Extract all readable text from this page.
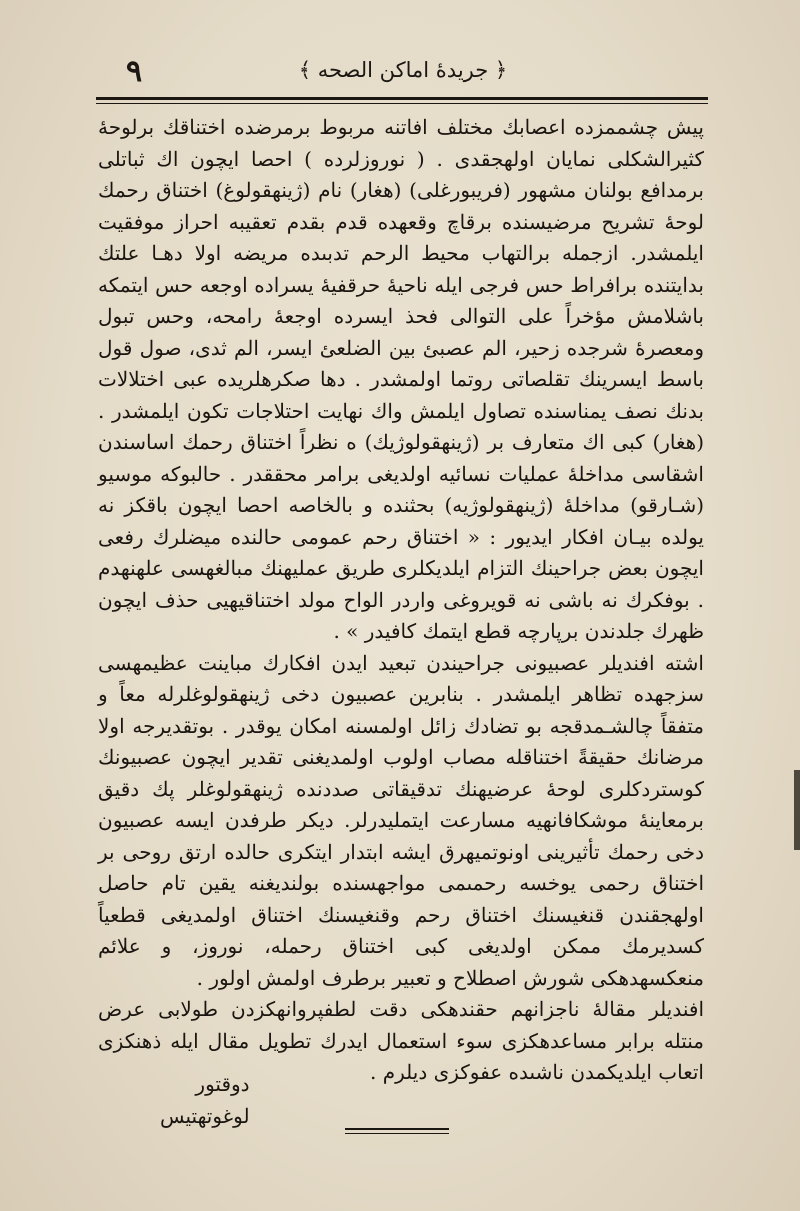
٩	﴿ جريدۀ اماكن الصحه ﴾

پيش چشممزده اعصابك مختلف افاتنه مربوط برمرضده اختناقك برلوحۀ كثيرالشكلى نمايان اولهجقدى . ( نوروزلرده ) احصا ايچون اك ثباتلى برمدافع بولنان مشهور (فريبورغلى) (هغار) نام (ژينهقولوغ) اختناق رحمك لوحۀ تشريح مرضيسنده برقاچ وقعهده قدم بقدم تعقيبه احراز موفقيت ايلمشدر. ازجمله برالتهاب محيط الرحم تدبىده مريضه اولا دهـا علتك بدايتنده برافراط حس فرجى ايله ناحيۀ حرقفيۀ يسراده اوجعه حس ايتمكه باشلامش مؤخراً على التوالى فحذ ايسرده اوجعۀ رامحه، وحس تبول ومعصرۀ شرجده زحير، الم عصبئ بين الضلعئ ايسر، الم ثدى، صول قول باسط ايسرينك تقلصاتى روتما اولمشدر . دها صكرهلريده عبى اختلالات بدنك نصف يمناسنده تصاول ايلمش واك نهايت احتلاجات تكون ايلمشدر . (هغار) كبى اك متعارف بر (ژينهقولوژيك) ه نظراً اختناق رحمك اساسندن اشقاسى مداخلۀ عمليات نسائيه اولديغى برامر محققدر . حالبوكه موسيو (شـارقو) مداخلۀ (ژينهقولوژيه) بحثنده و بالخاصه احصا ايچون باقكز نه يولده بيـان افكار ايديور : « اختناق رحم عمومى حالنده ميضلرك رفعى ايچون بعض جراحينك التزام ايلديكلرى طريق عمليهنك مبالغهسى علهنهدم . بوفكرك نه باشى نه قويروغى واردر الواح مولد اختناقيهيى حذف ايچون ظهرك جلدندن برپارچه قطع ايتمك كافيدر » .

اشته افنديلر عصبيونى جراحيندن تبعيد ايدن افكارك مباينت عظيمهسى سزجهده تظاهر ايلمشدر . بنابرين عصبيون دخى ژينهقولوغلرله معاً و متفقاً چالشـمدقجه بو تضادك زائل اولمسنه امكان يوقدر . بوتقديرجه اولا مرضانك حقيقةً اختناقله مصاب اولوب اولمديغنى تقدير ايچون عصبيونك كوستردكلرى لوحۀ عرضيهنك تدقيقاتى صددنده ژينهقولوغلر پك دقيق برمعاينۀ موشكافانهيه مسارعت ايتمليدرلر. ديكر طرفدن ايسه عصبيون دخى رحمك تأثيرينى اونوتميهرق ايشه ابتدار ايتكرى حالده ارتق روحى بر اختناق رحمى يوخسه رحمىمى مواجهسنده بولنديغنه يقين تام حاصل اولهجقندن قنغيسنك اختناق رحم وقنغيسنك اختناق اولمديغى قطعياً كسديرمك ممكن اولديغى كبى اختناق رحمله، نوروز، و علائم منعكسهدهكى شورش اصطلاح و تعبير برطرف اولمش اولور .

افنديلر مقالۀ ناجزانهم حقندهكى دقت لطفپروانهكزدن طولابى عرض منتله برابر مساعدهكزى سوء استعمال ايدرك تطويل مقال ايله ذهنكزى اتعاب ايلديكمدن ناشىده عفوكزى ديلرم .

دوقتور
لوغوتهتيس
